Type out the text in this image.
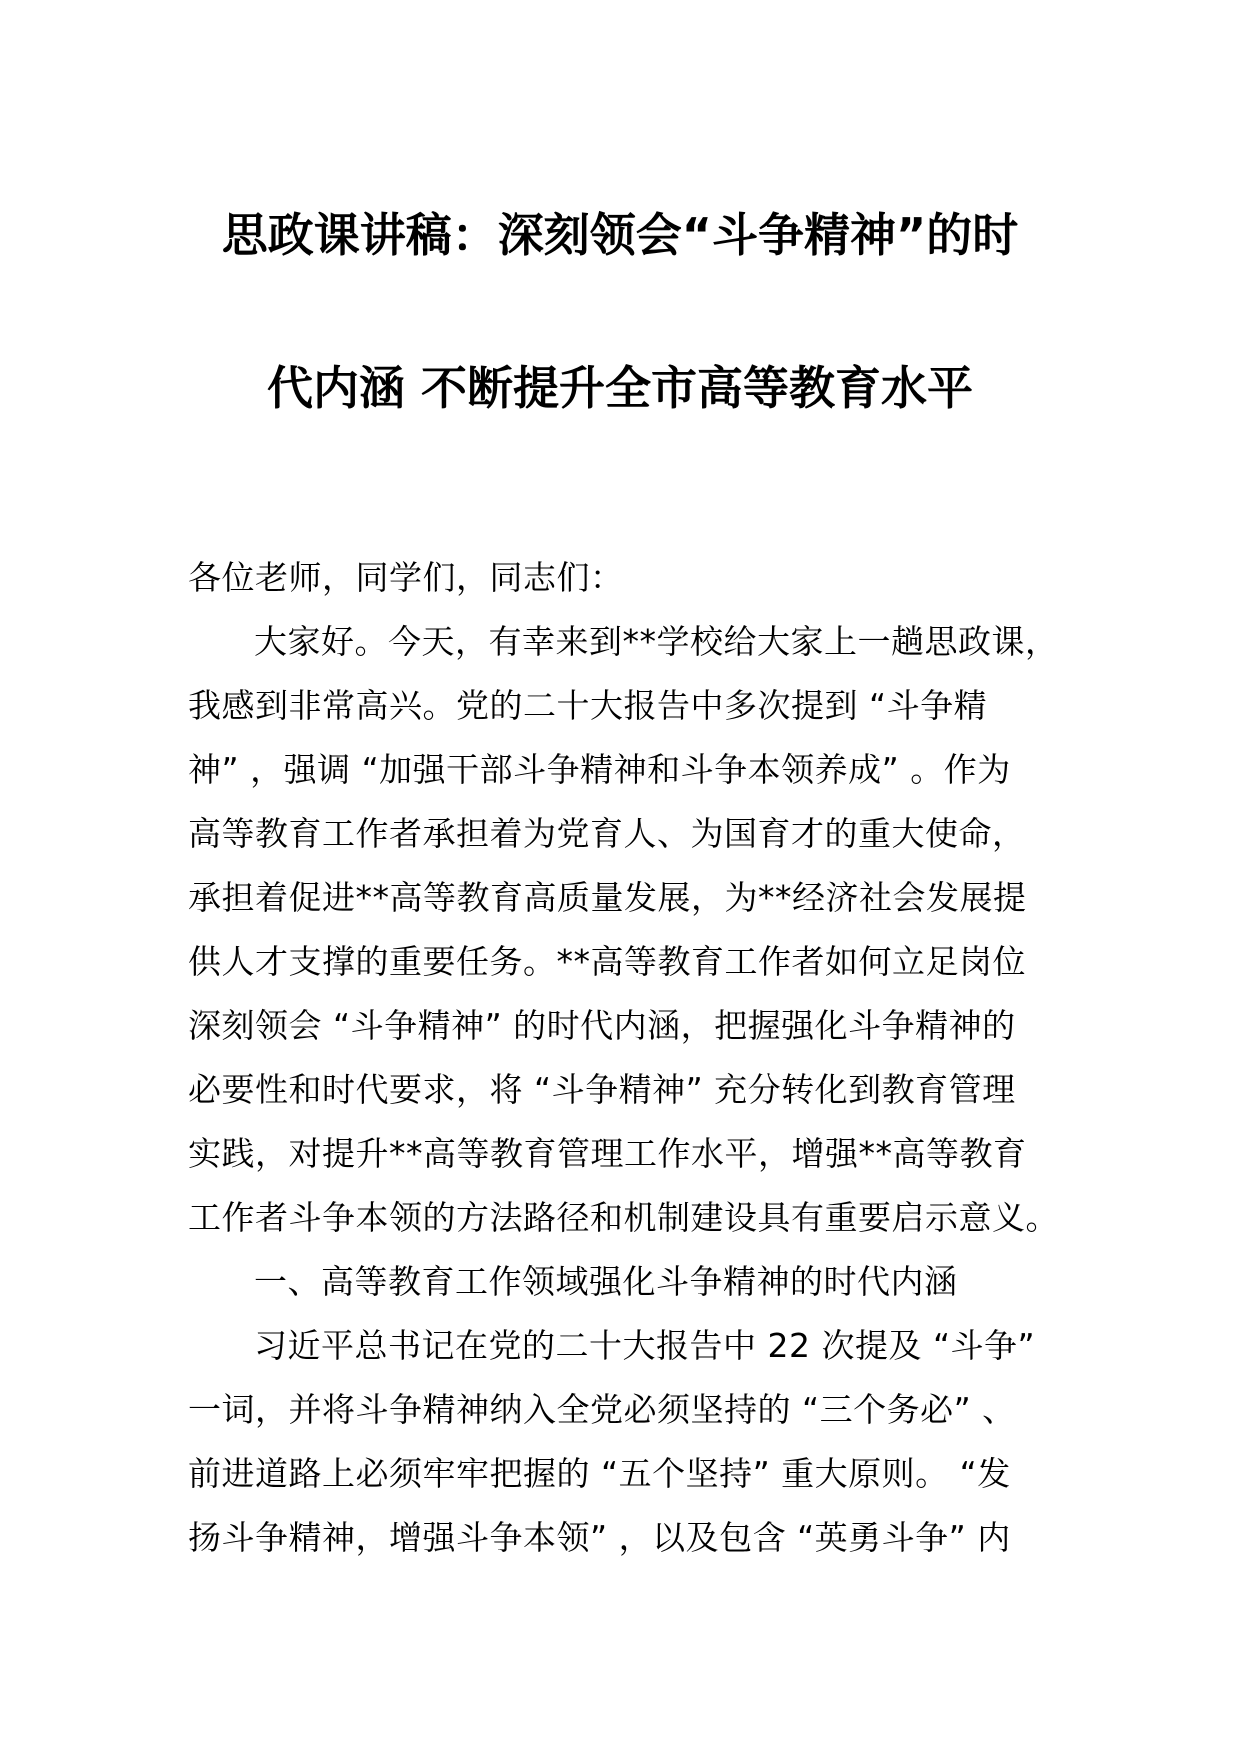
思政课讲稿：深刻领会“斗争精神”的时
代内涵 不断提升全市高等教育水平
各位老师，同学们，同志们：
大家好。今天，有幸来到**学校给大家上一趟思政课，
我感到非常高兴。党的二十大报告中多次提到 “斗争精
神” ，强调 “加强干部斗争精神和斗争本领养成” 。作为
高等教育工作者承担着为党育人、为国育才的重大使命，
承担着促进**高等教育高质量发展，为**经济社会发展提
供人才支撑的重要任务。**高等教育工作者如何立足岗位
深刻领会 “斗争精神” 的时代内涵，把握强化斗争精神的
必要性和时代要求，将 “斗争精神” 充分转化到教育管理
实践，对提升**高等教育管理工作水平，增强**高等教育
工作者斗争本领的方法路径和机制建设具有重要启示意义。
一、高等教育工作领域强化斗争精神的时代内涵
习近平总书记在党的二十大报告中 22 次提及 “斗争”
一词，并将斗争精神纳入全党必须坚持的 “三个务必” 、
前进道路上必须牢牢把握的 “五个坚持” 重大原则。 “发
扬斗争精神，增强斗争本领” ，以及包含 “英勇斗争” 内
